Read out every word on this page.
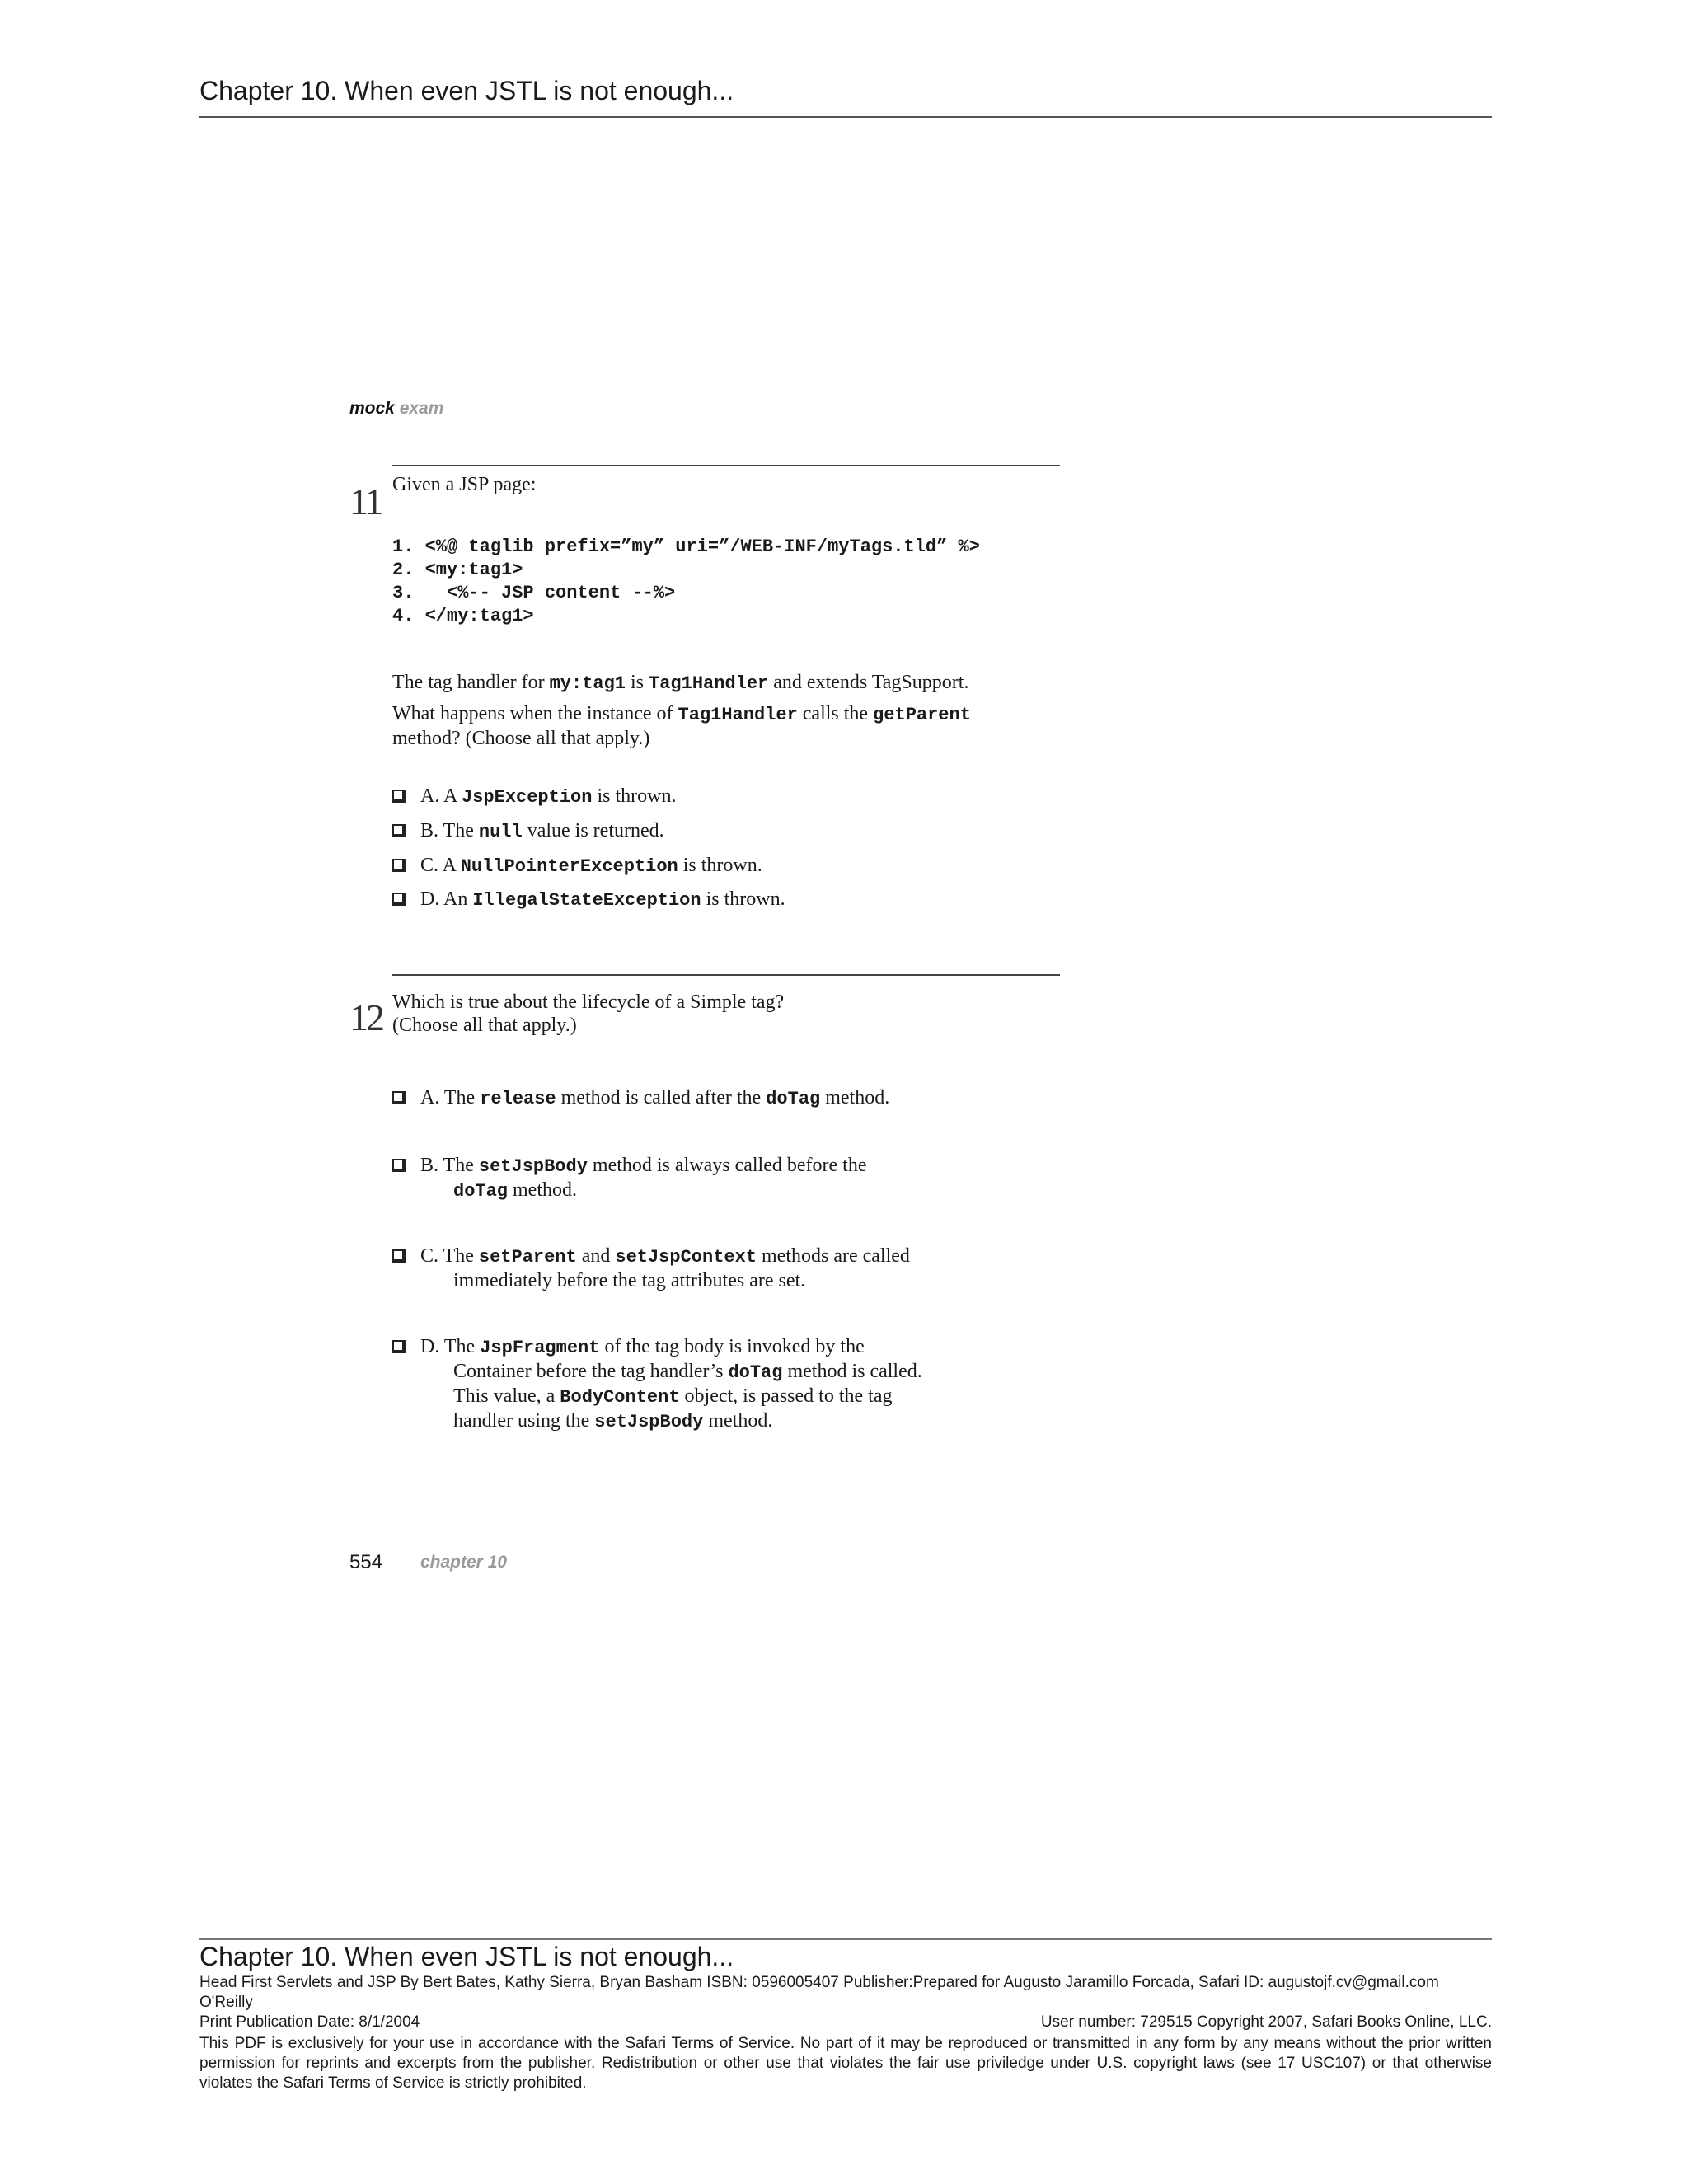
Chapter 10. When even JSTL is not enough...
mock exam
11 Given a JSP page:
1. <%@ taglib prefix=”my” uri=”/WEB-INF/myTags.tld” %>
2. <my:tag1>
3.   <%-- JSP content --%>
4. </my:tag1>
The tag handler for my:tag1 is Tag1Handler and extends TagSupport.
What happens when the instance of Tag1Handler calls the getParent
method? (Choose all that apply.)
A. A JspException is thrown.
B. The null value is returned.
C. A NullPointerException is thrown.
D. An IllegalStateException is thrown.
12 Which is true about the lifecycle of a Simple tag?
(Choose all that apply.)
A. The release method is called after the doTag method.
B. The setJspBody method is always called before the
doTag method.
C. The setParent and setJspContext methods are called
immediately before the tag attributes are set.
D. The JspFragment of the tag body is invoked by the
Container before the tag handler’s doTag method is called.
This value, a BodyContent object, is passed to the tag
handler using the setJspBody method.
554 chapter 10
Chapter 10. When even JSTL is not enough...
Head First Servlets and JSP By Bert Bates, Kathy Sierra, Bryan Basham ISBN: 0596005407 Publisher:Prepared for Augusto Jaramillo Forcada, Safari ID: augustojf.cv@gmail.com
O'Reilly
Print Publication Date: 8/1/2004	User number: 729515 Copyright 2007, Safari Books Online, LLC.
This PDF is exclusively for your use in accordance with the Safari Terms of Service. No part of it may be reproduced or transmitted in any form by any means without the prior written permission for reprints and excerpts from the publisher. Redistribution or other use that violates the fair use priviledge under U.S. copyright laws (see 17 USC107) or that otherwise violates the Safari Terms of Service is strictly prohibited.
